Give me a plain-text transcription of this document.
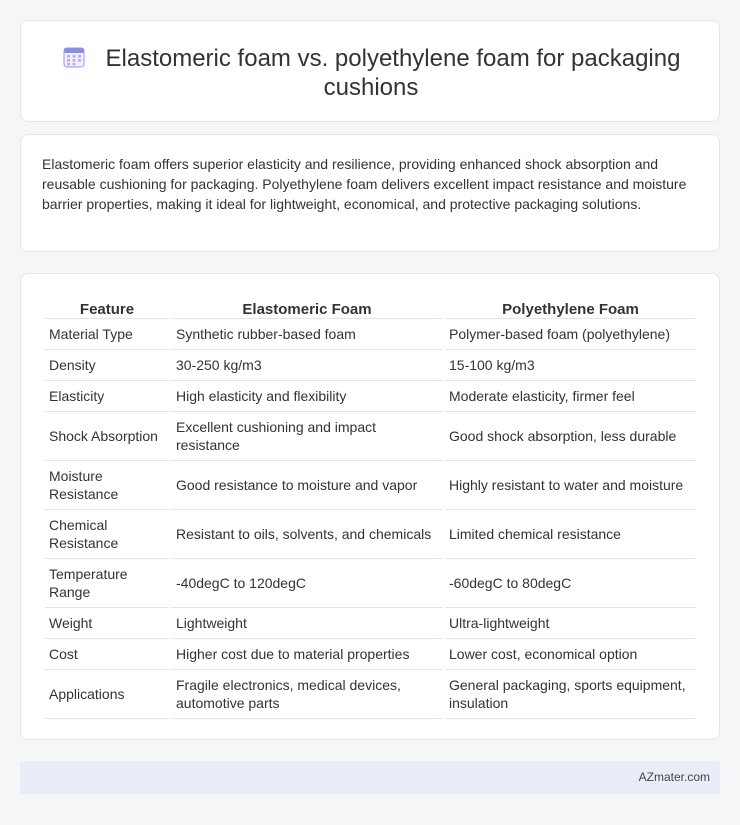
Elastomeric foam vs. polyethylene foam for packaging cushions

Elastomeric foam offers superior elasticity and resilience, providing enhanced shock absorption and reusable cushioning for packaging. Polyethylene foam delivers excellent impact resistance and moisture barrier properties, making it ideal for lightweight, economical, and protective packaging solutions.

Feature	Elastomeric Foam	Polyethylene Foam
Material Type	Synthetic rubber-based foam	Polymer-based foam (polyethylene)
Density	30-250 kg/m3	15-100 kg/m3
Elasticity	High elasticity and flexibility	Moderate elasticity, firmer feel
Shock Absorption	Excellent cushioning and impact resistance	Good shock absorption, less durable
Moisture Resistance	Good resistance to moisture and vapor	Highly resistant to water and moisture
Chemical Resistance	Resistant to oils, solvents, and chemicals	Limited chemical resistance
Temperature Range	-40degC to 120degC	-60degC to 80degC
Weight	Lightweight	Ultra-lightweight
Cost	Higher cost due to material properties	Lower cost, economical option
Applications	Fragile electronics, medical devices, automotive parts	General packaging, sports equipment, insulation
AZmater.com
